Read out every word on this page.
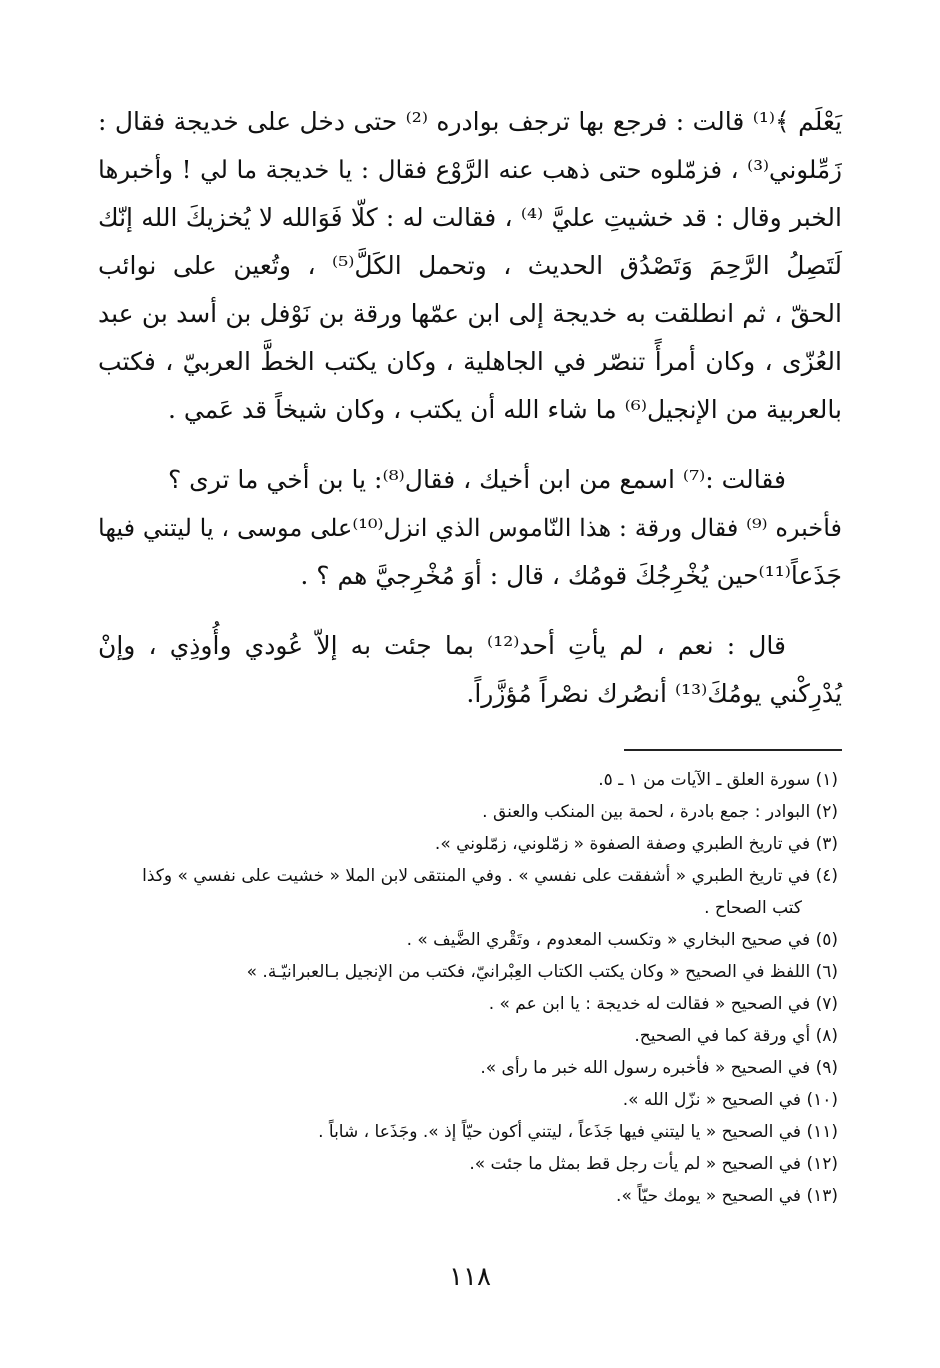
يَعْلَم ﴾⁽¹⁾ قالت : فرجع بها ترجف بوادره ⁽²⁾ حتى دخل على خديجة فقال :

زَمِّلوني⁽³⁾ ، فزمّلوه حتى ذهب عنه الرَّوْع فقال : يا خديجة ما لي ! وأخبرها

الخبر وقال : قد خشيتِ عليَّ ⁽⁴⁾ ، فقالت له : كلّا فَوَالله لا يُخزيكَ الله إنّك

لَتَصِلُ الرَّحِمَ وَتَصْدُق الحديث ، وتحمل الكَلَّ⁽⁵⁾ ، وتُعين على نوائب

الحقّ ، ثم انطلقت به خديجة إلى ابن عمّها ورقة بن نَوْفل بن أسد بن عبد

العُزّى ، وكان أمرأً تنصّر في الجاهلية ، وكان يكتب الخطَّ العربيّ ، فكتب

بالعربية من الإنجيل⁽⁶⁾ ما شاء الله أن يكتب ، وكان شيخاً قد عَمي .

فقالت :⁽⁷⁾ اسمع من ابن أخيك ، فقال⁽⁸⁾: يا بن أخي ما ترى ؟

فأخبره ⁽⁹⁾ فقال ورقة : هذا النّاموس الذي انزل⁽¹⁰⁾على موسى ، يا ليتني فيها

جَذَعاً⁽¹¹⁾حين يُخْرِجُكَ قومُك ، قال : أوَ مُخْرِجيَّ هم ؟ .

قال : نعم ، لم يأتِ أحد⁽¹²⁾ بما جئت به إلاّ عُودي وأُوذِي ، وإنْ

يُدْرِكْني يومُكَ⁽¹³⁾ أنصُرك نصْراً مُؤزَّراً.

(١) سورة العلق ـ الآيات من ١ ـ ٥.
(٢) البوادر : جمع بادرة ، لحمة بين المنكب والعنق .
(٣) في تاريخ الطبري وصفة الصفوة « زمّلوني، زمّلوني ».
(٤) في تاريخ الطبري « أشفقت على نفسي » . وفي المنتقى لابن الملا « خشيت على نفسي » وكذا
كتب الصحاح .
(٥) في صحيح البخاري « وتكسب المعدوم ، وتَقْري الضَّيف » .
(٦) اللفظ في الصحيح « وكان يكتب الكتاب العِبْرانيّ، فكتب من الإنجيل بـالعبرانيّـة. »
(٧) في الصحيح « فقالت له خديجة : يا ابن عم » .
(٨) أي ورقة كما في الصحيح.
(٩) في الصحيح « فأخبره رسول الله خبر ما رأى ».
(١٠) في الصحيح « نزّل الله ».
(١١) في الصحيح « يا ليتني فيها جَذَعاً ، ليتني أكون حيّاً إذ ». وجَذَعا ، شاباً .
(١٢) في الصحيح « لم يأت رجل قط بمثل ما جئت ».
(١٣) في الصحيح « يومك حيّاً ».
١١٨
